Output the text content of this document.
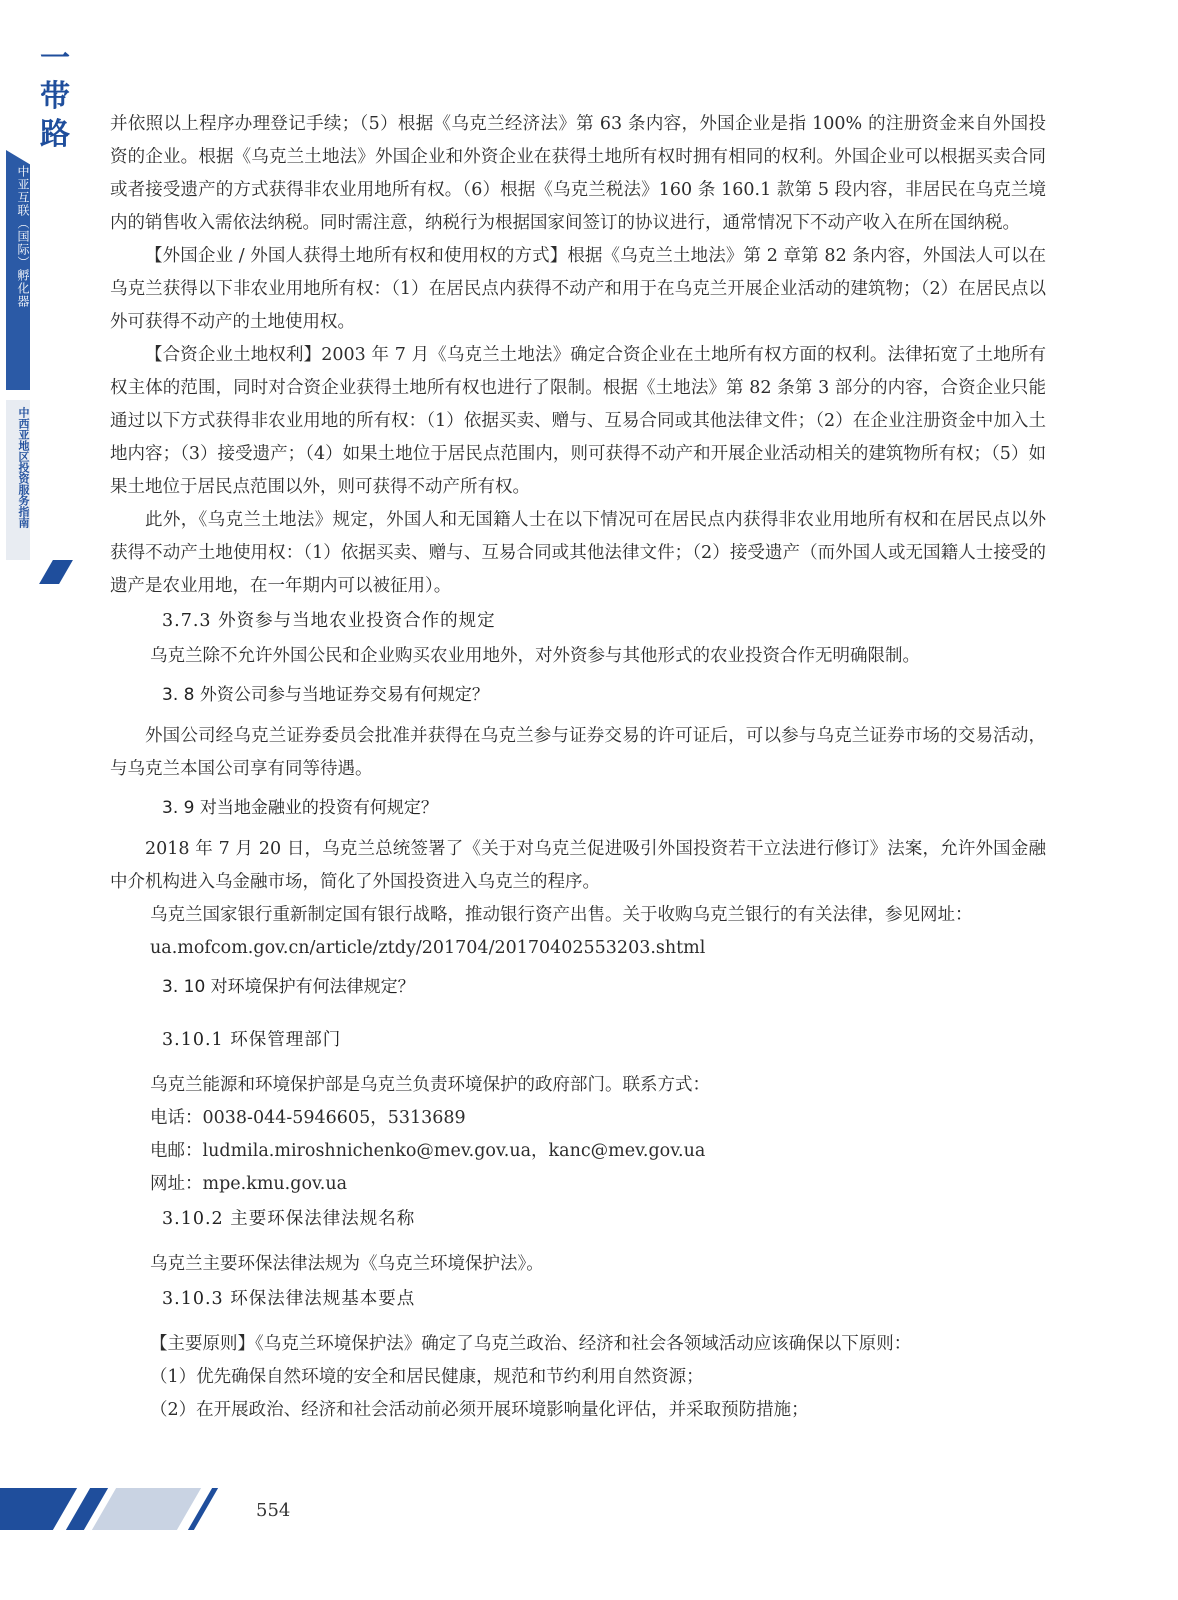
一
带
路
中亚互联（国际）孵化器
中西亚地区投资服务指南

并依照以上程序办理登记手续；（5）根据《乌克兰经济法》第 63 条内容，外国企业是指 100% 的注册资金来自外国投资的企业。根据《乌克兰土地法》外国企业和外资企业在获得土地所有权时拥有相同的权利。外国企业可以根据买卖合同或者接受遗产的方式获得非农业用地所有权。（6）根据《乌克兰税法》160 条 160.1 款第 5 段内容，非居民在乌克兰境内的销售收入需依法纳税。同时需注意，纳税行为根据国家间签订的协议进行，通常情况下不动产收入在所在国纳税。

【外国企业 / 外国人获得土地所有权和使用权的方式】根据《乌克兰土地法》第 2 章第 82 条内容，外国法人可以在乌克兰获得以下非农业用地所有权：（1）在居民点内获得不动产和用于在乌克兰开展企业活动的建筑物；（2）在居民点以外可获得不动产的土地使用权。

【合资企业土地权利】2003 年 7 月《乌克兰土地法》确定合资企业在土地所有权方面的权利。法律拓宽了土地所有权主体的范围，同时对合资企业获得土地所有权也进行了限制。根据《土地法》第 82 条第 3 部分的内容，合资企业只能通过以下方式获得非农业用地的所有权：（1）依据买卖、赠与、互易合同或其他法律文件；（2）在企业注册资金中加入土地内容；（3）接受遗产；（4）如果土地位于居民点范围内，则可获得不动产和开展企业活动相关的建筑物所有权；（5）如果土地位于居民点范围以外，则可获得不动产所有权。

此外，《乌克兰土地法》规定，外国人和无国籍人士在以下情况可在居民点内获得非农业用地所有权和在居民点以外获得不动产土地使用权：（1）依据买卖、赠与、互易合同或其他法律文件；（2）接受遗产（而外国人或无国籍人士接受的遗产是农业用地，在一年期内可以被征用）。

3.7.3 外资参与当地农业投资合作的规定

乌克兰除不允许外国公民和企业购买农业用地外，对外资参与其他形式的农业投资合作无明确限制。

3. 8 外资公司参与当地证券交易有何规定？

外国公司经乌克兰证券委员会批准并获得在乌克兰参与证券交易的许可证后，可以参与乌克兰证券市场的交易活动，与乌克兰本国公司享有同等待遇。

3. 9 对当地金融业的投资有何规定？

2018 年 7 月 20 日，乌克兰总统签署了《关于对乌克兰促进吸引外国投资若干立法进行修订》法案，允许外国金融中介机构进入乌金融市场，简化了外国投资进入乌克兰的程序。

乌克兰国家银行重新制定国有银行战略，推动银行资产出售。关于收购乌克兰银行的有关法律，参见网址：

ua.mofcom.gov.cn/article/ztdy/201704/20170402553203.shtml

3. 10 对环境保护有何法律规定？
3.10.1 环保管理部门

乌克兰能源和环境保护部是乌克兰负责环境保护的政府部门。联系方式：

电话：0038-044-5946605，5313689

电邮：ludmila.miroshnichenko@mev.gov.ua，kanc@mev.gov.ua

网址：mpe.kmu.gov.ua

3.10.2 主要环保法律法规名称

乌克兰主要环保法律法规为《乌克兰环境保护法》。

3.10.3 环保法律法规基本要点

【主要原则】《乌克兰环境保护法》确定了乌克兰政治、经济和社会各领域活动应该确保以下原则：

（1）优先确保自然环境的安全和居民健康，规范和节约利用自然资源；

（2）在开展政治、经济和社会活动前必须开展环境影响量化评估，并采取预防措施；

554
